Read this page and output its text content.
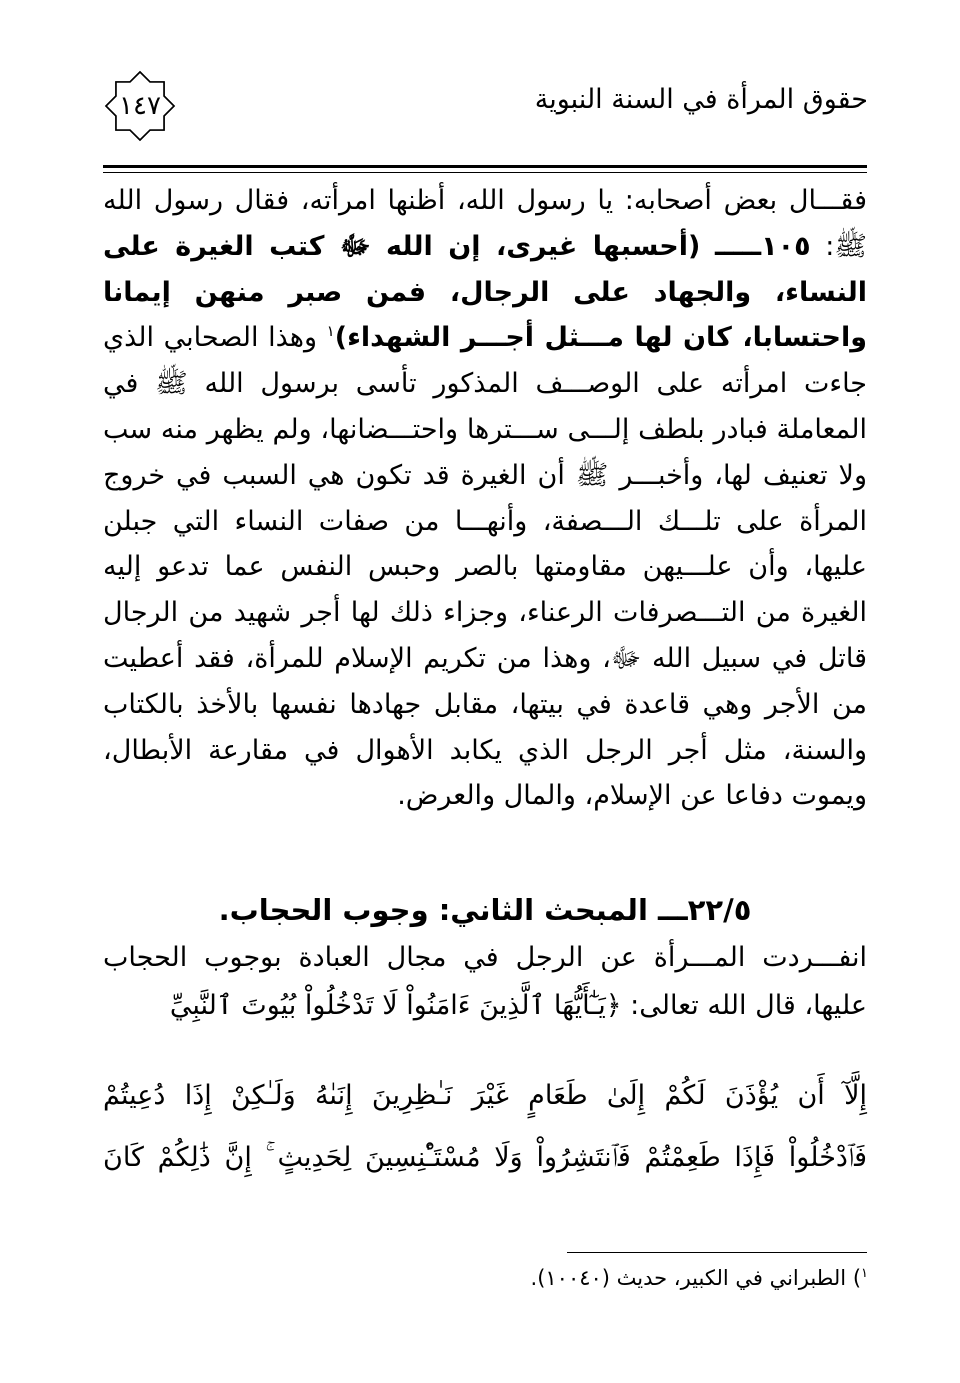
حقوق المرأة في السنة النبوية
١٤٧

فقـــال بعض أصحابه: يا رسول الله، أظنها امرأته، فقال رسول الله ﷺ: ١٠٥ـــــ (أحسبها غيرى، إن الله ﷻ كتب الغيرة على النساء، والجهاد على الرجال، فمن صبر منهن إيمانا واحتسابا، كان لها مـــثل أجـــر الشهداء)$^١$ وهذا الصحابي الذي جاءت امرأته على الوصـــف المذكور تأسى برسول الله ﷺ في المعاملة فبادر بلطف إلـــى ســـترها واحتـــضانها، ولم يظهر منه سب ولا تعنيف لها، وأخبـــر ﷺ أن الغيرة قد تكون هي السبب في خروج المرأة على تلـــك الـــصفة، وأنهـــا من صفات النساء التي جبلن عليها، وأن علـــيهن مقاومتها بالصر وحبس النفس عما تدعو إليه الغيرة من التـــصرفات الرعناء، وجزاء ذلك لها أجر شهيد من الرجال قاتل في سبيل الله ﷻ، وهذا من تكريم الإسلام للمرأة، فقد أعطيت من الأجر وهي قاعدة في بيتها، مقابل جهادها نفسها بالأخذ بالكتاب والسنة، مثل أجر الرجل الذي يكابد الأهوال في مقارعة الأبطال، ويموت دفاعا عن الإسلام، والمال والعرض.

٢٢/٥ـــ المبحث الثاني: وجوب الحجاب.

انفـــردت المـــرأة عن الرجل في مجال العبادة بوجوب الحجاب عليها، قال الله تعالى: ﴿يَـٰٓأَيُّهَا ٱلَّذِينَ ءَامَنُواْ لَا تَدْخُلُواْ بُيُوتَ ٱلنَّبِيِّ

إِلَّآ أَن يُؤْذَنَ لَكُمْ إِلَىٰ طَعَامٍ غَيْرَ نَـٰظِرِينَ إِنَىٰهُ وَلَـٰكِنْ إِذَا دُعِيتُمْ

فَٱدْخُلُواْ فَإِذَا طَعِمْتُمْ فَٱنتَشِرُواْ وَلَا مُسْتَـْٔنِسِينَ لِحَدِيثٍ ۚ إِنَّ ذَٰلِكُمْ كَانَ

$^١$) الطبراني في الكبير، حديث (١٠٠٤٠).
